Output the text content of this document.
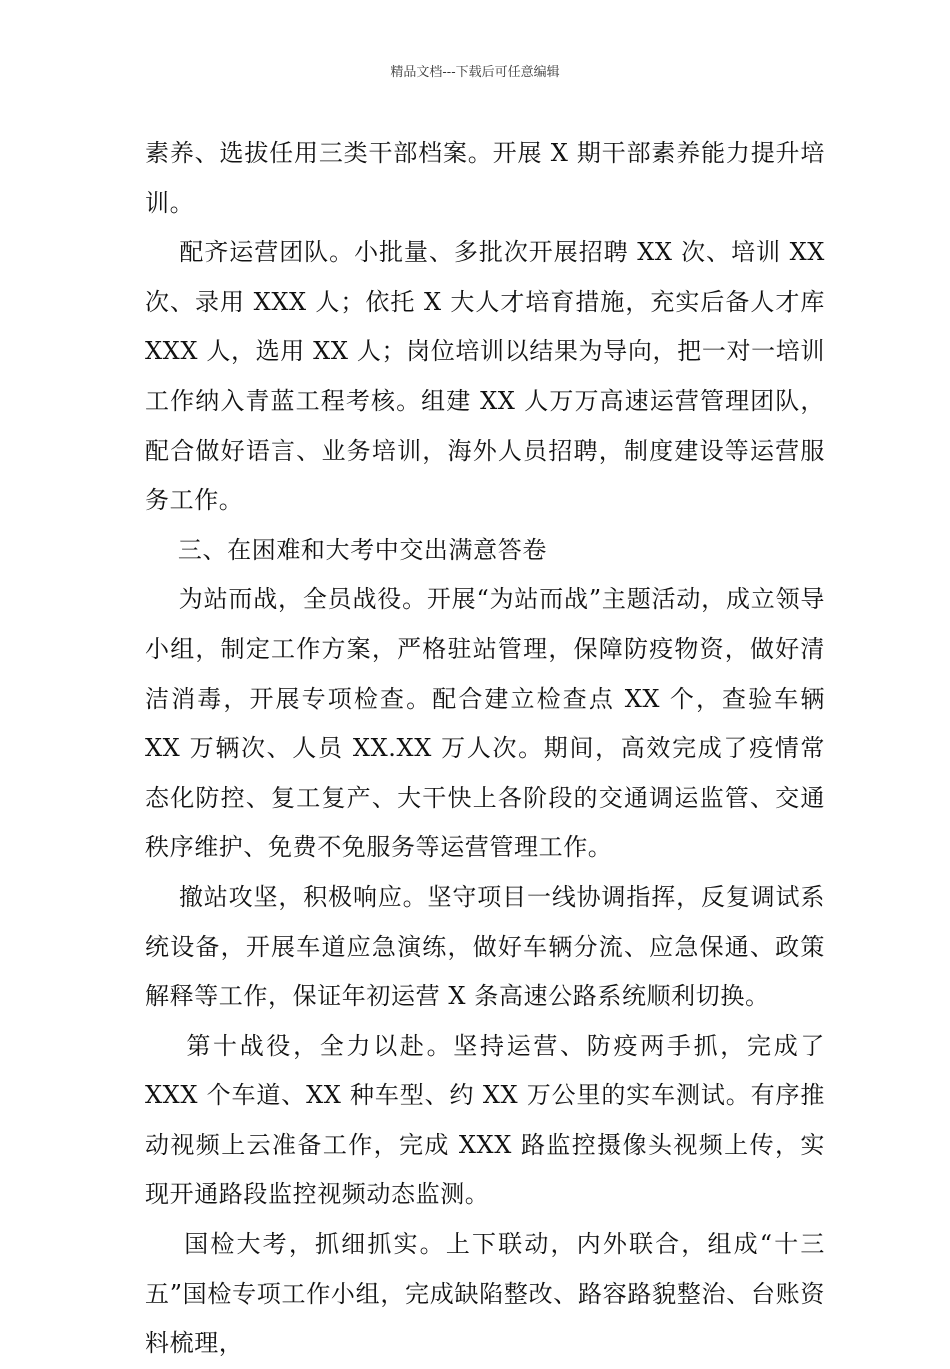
精品文档---下载后可任意编辑

素养、选拔任用三类干部档案。开展 X 期干部素养能力提升培训。

配齐运营团队。小批量、多批次开展招聘 XX 次、培训 XX 次、录用 XXX 人；依托 X 大人才培育措施，充实后备人才库 XXX 人，选用 XX 人；岗位培训以结果为导向，把一对一培训工作纳入青蓝工程考核。组建 XX 人万万高速运营管理团队，配合做好语言、业务培训，海外人员招聘，制度建设等运营服务工作。

三、在困难和大考中交出满意答卷

为站而战，全员战役。开展“为站而战”主题活动，成立领导小组，制定工作方案，严格驻站管理，保障防疫物资，做好清洁消毒，开展专项检查。配合建立检查点 XX 个，查验车辆 XX 万辆次、人员 XX.XX 万人次。期间，高效完成了疫情常态化防控、复工复产、大干快上各阶段的交通调运监管、交通秩序维护、免费不免服务等运营管理工作。

撤站攻坚，积极响应。坚守项目一线协调指挥，反复调试系统设备，开展车道应急演练，做好车辆分流、应急保通、政策解释等工作，保证年初运营 X 条高速公路系统顺利切换。

第十战役，全力以赴。坚持运营、防疫两手抓，完成了 XXX 个车道、XX 种车型、约 XX 万公里的实车测试。有序推动视频上云准备工作，完成 XXX 路监控摄像头视频上传，实现开通路段监控视频动态监测。

国检大考，抓细抓实。上下联动，内外联合，组成“十三五”国检专项工作小组，完成缺陷整改、路容路貌整治、台账资料梳理，
